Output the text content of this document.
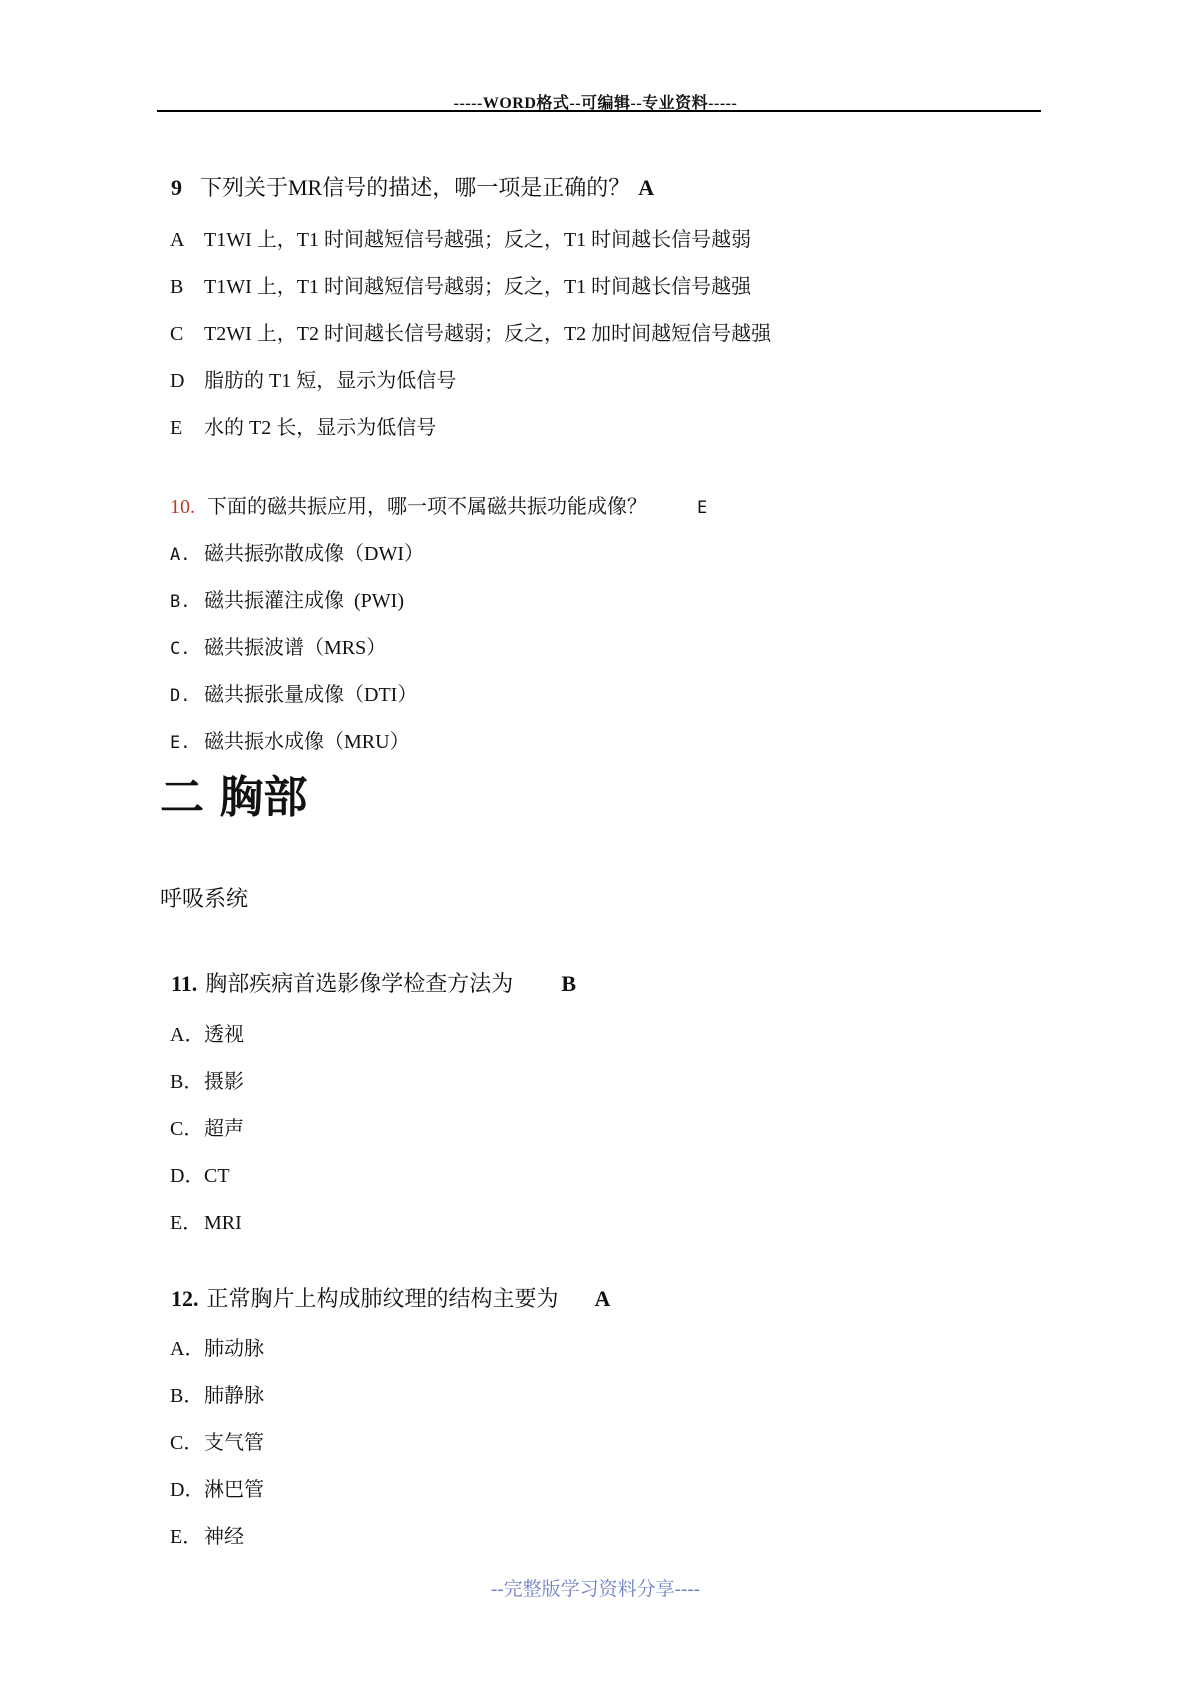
-----WORD格式--可编辑--专业资料-----

9 下列关于MR信号的描述，哪一项是正确的？ A

A T1WI 上，T1 时间越短信号越强；反之，T1 时间越长信号越弱

B T1WI 上，T1 时间越短信号越弱；反之，T1 时间越长信号越强

C T2WI 上，T2 时间越长信号越弱；反之，T2 加时间越短信号越强

D 脂肪的 T1 短，显示为低信号

E 水的 T2 长，显示为低信号

10. 下面的磁共振应用，哪一项不属磁共振功能成像？	E

A. 磁共振弥散成像（DWI）

B. 磁共振灌注成像  (PWI)

C. 磁共振波谱（MRS）

D. 磁共振张量成像（DTI）

E. 磁共振水成像（MRU）

二 胸部
呼吸系统

11. 胸部疾病首选影像学检查方法为 B

A．透视

B．摄影

C．超声

D．CT

E．MRI

12. 正常胸片上构成肺纹理的结构主要为 A

A．肺动脉

B．肺静脉

C．支气管

D．淋巴管

E．神经

--完整版学习资料分享----
